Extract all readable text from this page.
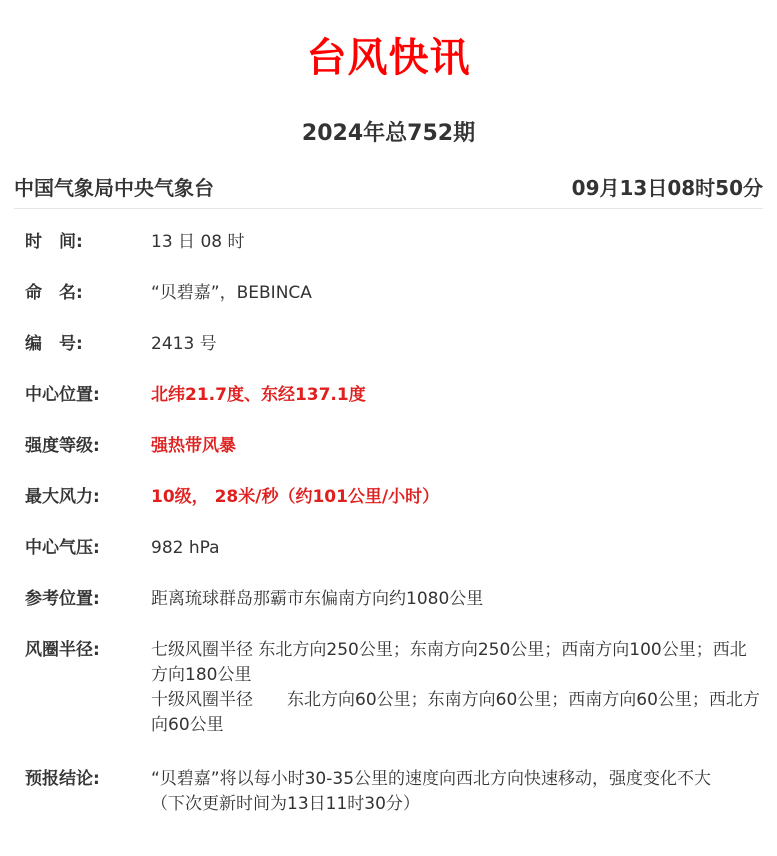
台风快讯
2024年总752期
中国气象局中央气象台	09月13日08时50分
时　间:	13 日 08 时
命　名:	“贝碧嘉”，BEBINCA
编　号:	2413 号
中心位置:	北纬21.7度、东经137.1度
强度等级:	强热带风暴
最大风力:	10级， 28米/秒（约101公里/小时）
中心气压:	982 hPa
参考位置:	距离琉球群岛那霸市东偏南方向约1080公里
风圈半径:	七级风圈半径 东北方向250公里；东南方向250公里；西南方向100公里；西北方向180公里
十级风圈半径 东北方向60公里；东南方向60公里；西南方向60公里；西北方向60公里
预报结论:	“贝碧嘉”将以每小时30-35公里的速度向西北方向快速移动，强度变化不大
（下次更新时间为13日11时30分）
